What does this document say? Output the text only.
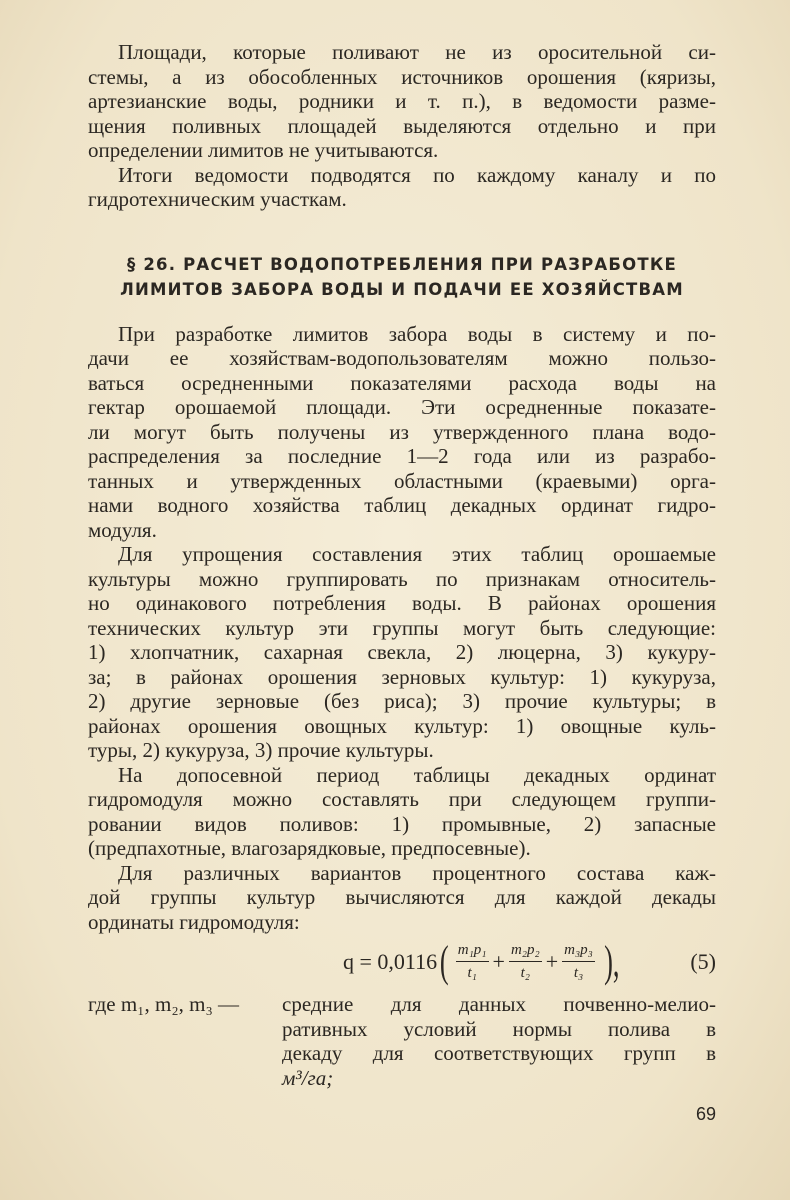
Площади, которые поливают не из оросительной си-
стемы, а из обособленных источников орошения (кяризы,
артезианские воды, родники и т. п.), в ведомости разме-
щения поливных площадей выделяются отдельно и при
определении лимитов не учитываются.
Итоги ведомости подводятся по каждому каналу и по
гидротехническим участкам.
§ 26. РАСЧЕТ ВОДОПОТРЕБЛЕНИЯ ПРИ РАЗРАБОТКЕ
ЛИМИТОВ ЗАБОРА ВОДЫ И ПОДАЧИ ЕЕ ХОЗЯЙСТВАМ
При разработке лимитов забора воды в систему и по-
дачи ее хозяйствам-водопользователям можно пользо-
ваться осредненными показателями расхода воды на
гектар орошаемой площади. Эти осредненные показате-
ли могут быть получены из утвержденного плана водо-
распределения за последние 1—2 года или из разрабо-
танных и утвержденных областными (краевыми) орга-
нами водного хозяйства таблиц декадных ординат гидро-
модуля.
Для упрощения составления этих таблиц орошаемые
культуры можно группировать по признакам относитель-
но одинакового потребления воды. В районах орошения
технических культур эти группы могут быть следующие:
1) хлопчатник, сахарная свекла, 2) люцерна, 3) кукуру-
за; в районах орошения зерновых культур: 1) кукуруза,
2) другие зерновые (без риса); 3) прочие культуры; в
районах орошения овощных культур: 1) овощные куль-
туры, 2) кукуруза, 3) прочие культуры.
На допосевной период таблицы декадных ординат
гидромодуля можно составлять при следующем группи-
ровании видов поливов: 1) промывные, 2) запасные
(предпахотные, влагозарядковые, предпосевные).
Для различных вариантов процентного состава каж-
дой группы культур вычисляются для каждой декады
ординаты гидромодуля:
q = 0,0116 ( $\frac{\text{m₁p₁}}{\text{t₁}} + \frac{\text{m₂p₂}}{\text{t₂}} + \frac{\text{m₃p₃}}{\text{t₃}}$ ),	(5)
где m₁, m₂, m₃ —	средние для данных почвенно-мелио-
ративных условий нормы полива в
декаду для соответствующих групп в
м³/га;
69
